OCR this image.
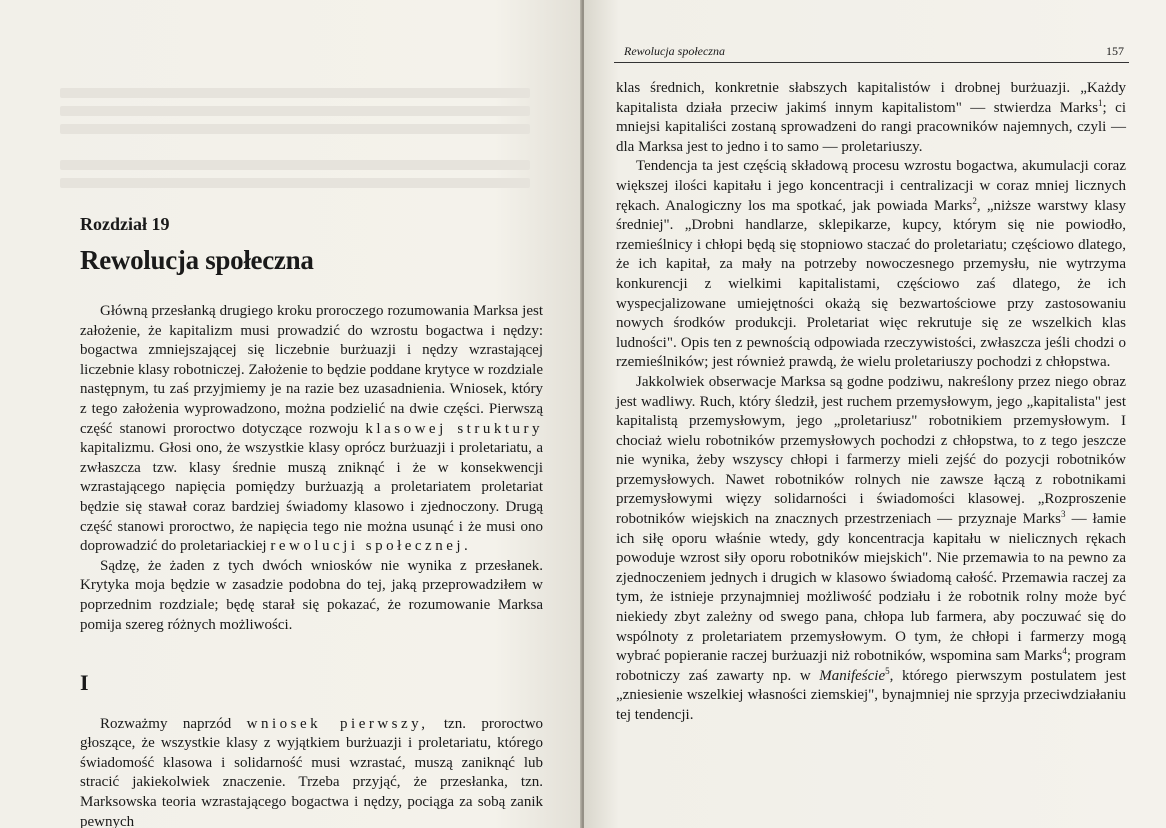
Rozdział 19
Rewolucja społeczna

Główną przesłanką drugiego kroku proroczego rozumowania Marksa jest założenie, że kapitalizm musi prowadzić do wzrostu bogactwa i nędzy: bogactwa zmniejszającej się liczebnie burżuazji i nędzy wzrastającej liczebnie klasy robotniczej. Założenie to będzie poddane krytyce w rozdziale następnym, tu zaś przyjmiemy je na razie bez uzasadnienia. Wniosek, który z tego założenia wyprowadzono, można podzielić na dwie części. Pierwszą część stanowi proroctwo dotyczące rozwoju klasowej struktury kapitalizmu. Głosi ono, że wszystkie klasy oprócz burżuazji i proletariatu, a zwłaszcza tzw. klasy średnie muszą zniknąć i że w konsekwencji wzrastającego napięcia pomiędzy burżuazją a proletariatem proletariat będzie się stawał coraz bardziej świadomy klasowo i zjednoczony. Drugą część stanowi proroctwo, że napięcia tego nie można usunąć i że musi ono doprowadzić do proletariackiej rewolucji społecznej.

Sądzę, że żaden z tych dwóch wniosków nie wynika z przesłanek. Krytyka moja będzie w zasadzie podobna do tej, jaką przeprowadziłem w poprzednim rozdziale; będę starał się pokazać, że rozumowanie Marksa pomija szereg różnych możliwości.

I

Rozważmy naprzód wniosek pierwszy, tzn. proroctwo głoszące, że wszystkie klasy z wyjątkiem burżuazji i proletariatu, którego świadomość klasowa i solidarność musi wzrastać, muszą zaniknąć lub stracić jakiekolwiek znaczenie. Trzeba przyjąć, że przesłanka, tzn. Marksowska teoria wzrastającego bogactwa i nędzy, pociąga za sobą zanik pewnych

Rewolucja społeczna	157

klas średnich, konkretnie słabszych kapitalistów i drobnej burżuazji. „Każdy kapitalista działa przeciw jakimś innym kapitalistom" — stwierdza Marks$^1$; ci mniejsi kapitaliści zostaną sprowadzeni do rangi pracowników najemnych, czyli — dla Marksa jest to jedno i to samo — proletariuszy.

Tendencja ta jest częścią składową procesu wzrostu bogactwa, akumulacji coraz większej ilości kapitału i jego koncentracji i centralizacji w coraz mniej licznych rękach. Analogiczny los ma spotkać, jak powiada Marks$^2$, „niższe warstwy klasy średniej". „Drobni handlarze, sklepikarze, kupcy, którym się nie powiodło, rzemieślnicy i chłopi będą się stopniowo staczać do proletariatu; częściowo dlatego, że ich kapitał, za mały na potrzeby nowoczesnego przemysłu, nie wytrzyma konkurencji z wielkimi kapitalistami, częściowo zaś dlatego, że ich wyspecjalizowane umiejętności okażą się bezwartościowe przy zastosowaniu nowych środków produkcji. Proletariat więc rekrutuje się ze wszelkich klas ludności". Opis ten z pewnością odpowiada rzeczywistości, zwłaszcza jeśli chodzi o rzemieślników; jest również prawdą, że wielu proletariuszy pochodzi z chłopstwa.

Jakkolwiek obserwacje Marksa są godne podziwu, nakreślony przez niego obraz jest wadliwy. Ruch, który śledził, jest ruchem przemysłowym, jego „kapitalista" jest kapitalistą przemysłowym, jego „proletariusz" robotnikiem przemysłowym. I chociaż wielu robotników przemysłowych pochodzi z chłopstwa, to z tego jeszcze nie wynika, żeby wszyscy chłopi i farmerzy mieli zejść do pozycji robotników przemysłowych. Nawet robotników rolnych nie zawsze łączą z robotnikami przemysłowymi więzy solidarności i świadomości klasowej. „Rozproszenie robotników wiejskich na znacznych przestrzeniach — przyznaje Marks$^3$ — łamie ich siłę oporu właśnie wtedy, gdy koncentracja kapitału w nielicznych rękach powoduje wzrost siły oporu robotników miejskich". Nie przemawia to na pewno za zjednoczeniem jednych i drugich w klasowo świadomą całość. Przemawia raczej za tym, że istnieje przynajmniej możliwość podziału i że robotnik rolny może być niekiedy zbyt zależny od swego pana, chłopa lub farmera, aby poczuwać się do wspólnoty z proletariatem przemysłowym. O tym, że chłopi i farmerzy mogą wybrać popieranie raczej burżuazji niż robotników, wspomina sam Marks$^4$; program robotniczy zaś zawarty np. w Manifeście$^5$, którego pierwszym postulatem jest „zniesienie wszelkiej własności ziemskiej", bynajmniej nie sprzyja przeciwdziałaniu tej tendencji.
